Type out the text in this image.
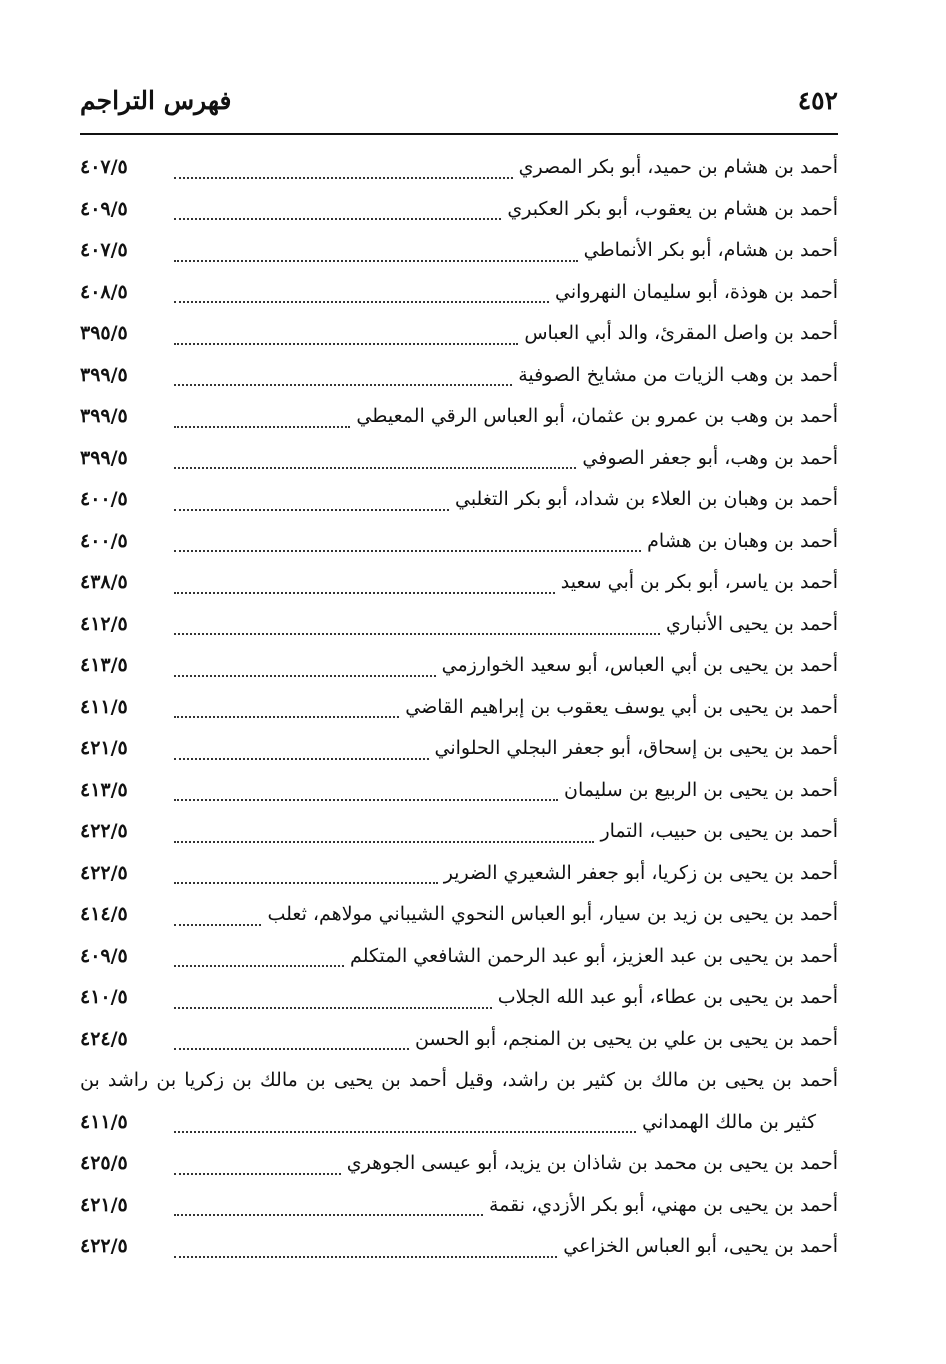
٤٥٢
فهرس التراجم
أحمد بن هشام بن حميد، أبو بكر المصري
٤٠٧/٥
أحمد بن هشام بن يعقوب، أبو بكر العكبري
٤٠٩/٥
أحمد بن هشام، أبو بكر الأنماطي
٤٠٧/٥
أحمد بن هوذة، أبو سليمان النهرواني
٤٠٨/٥
أحمد بن واصل المقرئ، والد أبي العباس
٣٩٥/٥
أحمد بن وهب الزيات من مشايخ الصوفية
٣٩٩/٥
أحمد بن وهب بن عمرو بن عثمان، أبو العباس الرقي المعيطي
٣٩٩/٥
أحمد بن وهب، أبو جعفر الصوفي
٣٩٩/٥
أحمد بن وهبان بن العلاء بن شداد، أبو بكر التغلبي
٤٠٠/٥
أحمد بن وهبان بن هشام
٤٠٠/٥
أحمد بن ياسر، أبو بكر بن أبي سعيد
٤٣٨/٥
أحمد بن يحيى الأنباري
٤١٢/٥
أحمد بن يحيى بن أبي العباس، أبو سعيد الخوارزمي
٤١٣/٥
أحمد بن يحيى بن أبي يوسف يعقوب بن إبراهيم القاضي
٤١١/٥
أحمد بن يحيى بن إسحاق، أبو جعفر البجلي الحلواني
٤٢١/٥
أحمد بن يحيى بن الربيع بن سليمان
٤١٣/٥
أحمد بن يحيى بن حبيب، التمار
٤٢٢/٥
أحمد بن يحيى بن زكريا، أبو جعفر الشعيري الضرير
٤٢٢/٥
أحمد بن يحيى بن زيد بن سيار، أبو العباس النحوي الشيباني مولاهم، ثعلب
٤١٤/٥
أحمد بن يحيى بن عبد العزيز، أبو عبد الرحمن الشافعي المتكلم
٤٠٩/٥
أحمد بن يحيى بن عطاء، أبو عبد الله الجلاب
٤١٠/٥
أحمد بن يحيى بن علي بن يحيى بن المنجم، أبو الحسن
٤٢٤/٥
أحمد بن يحيى بن مالك بن كثير بن راشد، وقيل أحمد بن يحيى بن مالك بن زكريا بن راشد بن
كثير بن مالك الهمداني
٤١١/٥
أحمد بن يحيى بن محمد بن شاذان بن يزيد، أبو عيسى الجوهري
٤٢٥/٥
أحمد بن يحيى بن مهني، أبو بكر الأزدي، نقمة
٤٢١/٥
أحمد بن يحيى، أبو العباس الخزاعي
٤٢٢/٥
